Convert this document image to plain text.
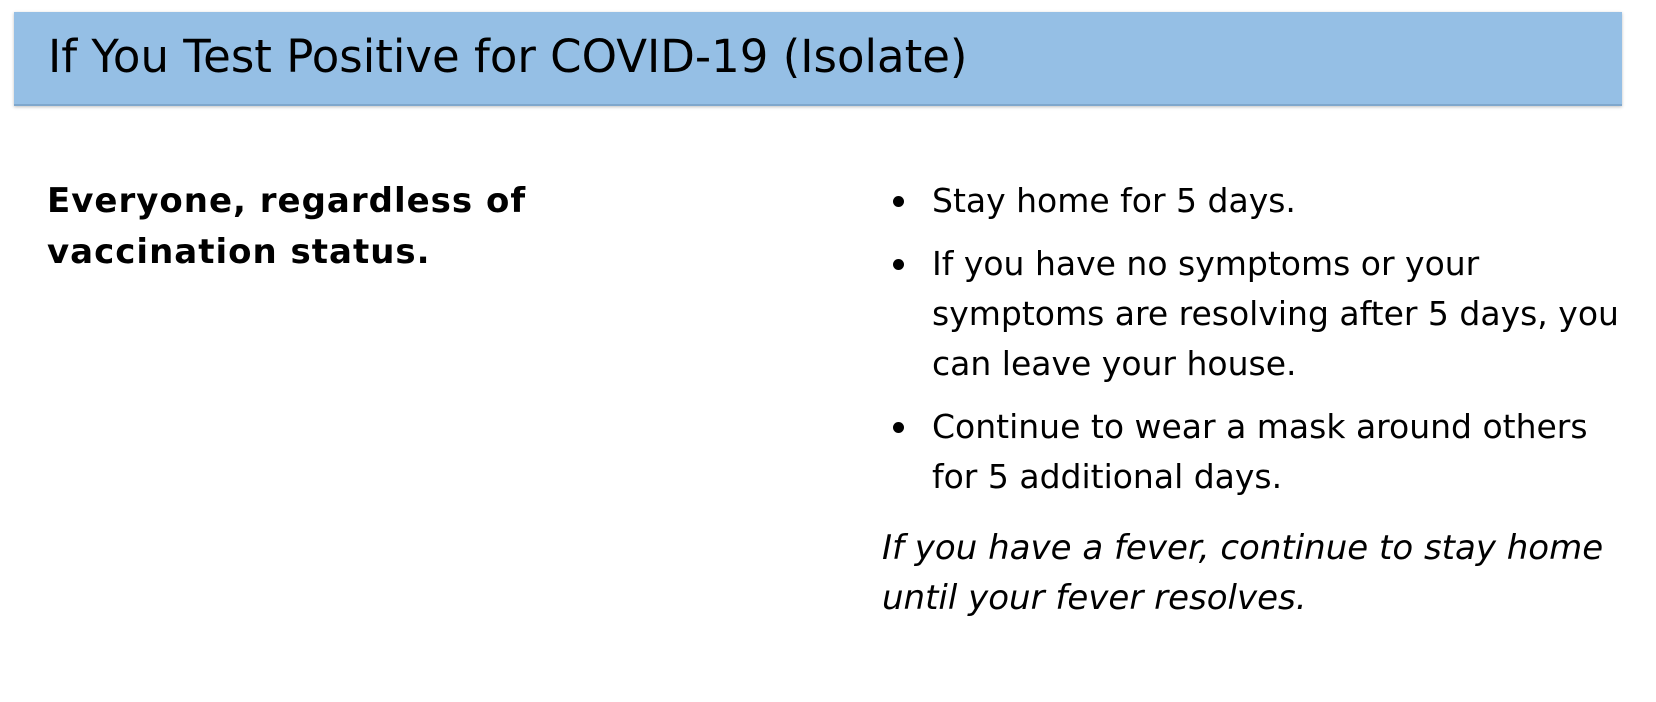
If You Test Positive for COVID-19 (Isolate)
Everyone, regardless of vaccination status.
Stay home for 5 days.
If you have no symptoms or your symptoms are resolving after 5 days, you can leave your house.
Continue to wear a mask around others for 5 additional days.
If you have a fever, continue to stay home until your fever resolves.
